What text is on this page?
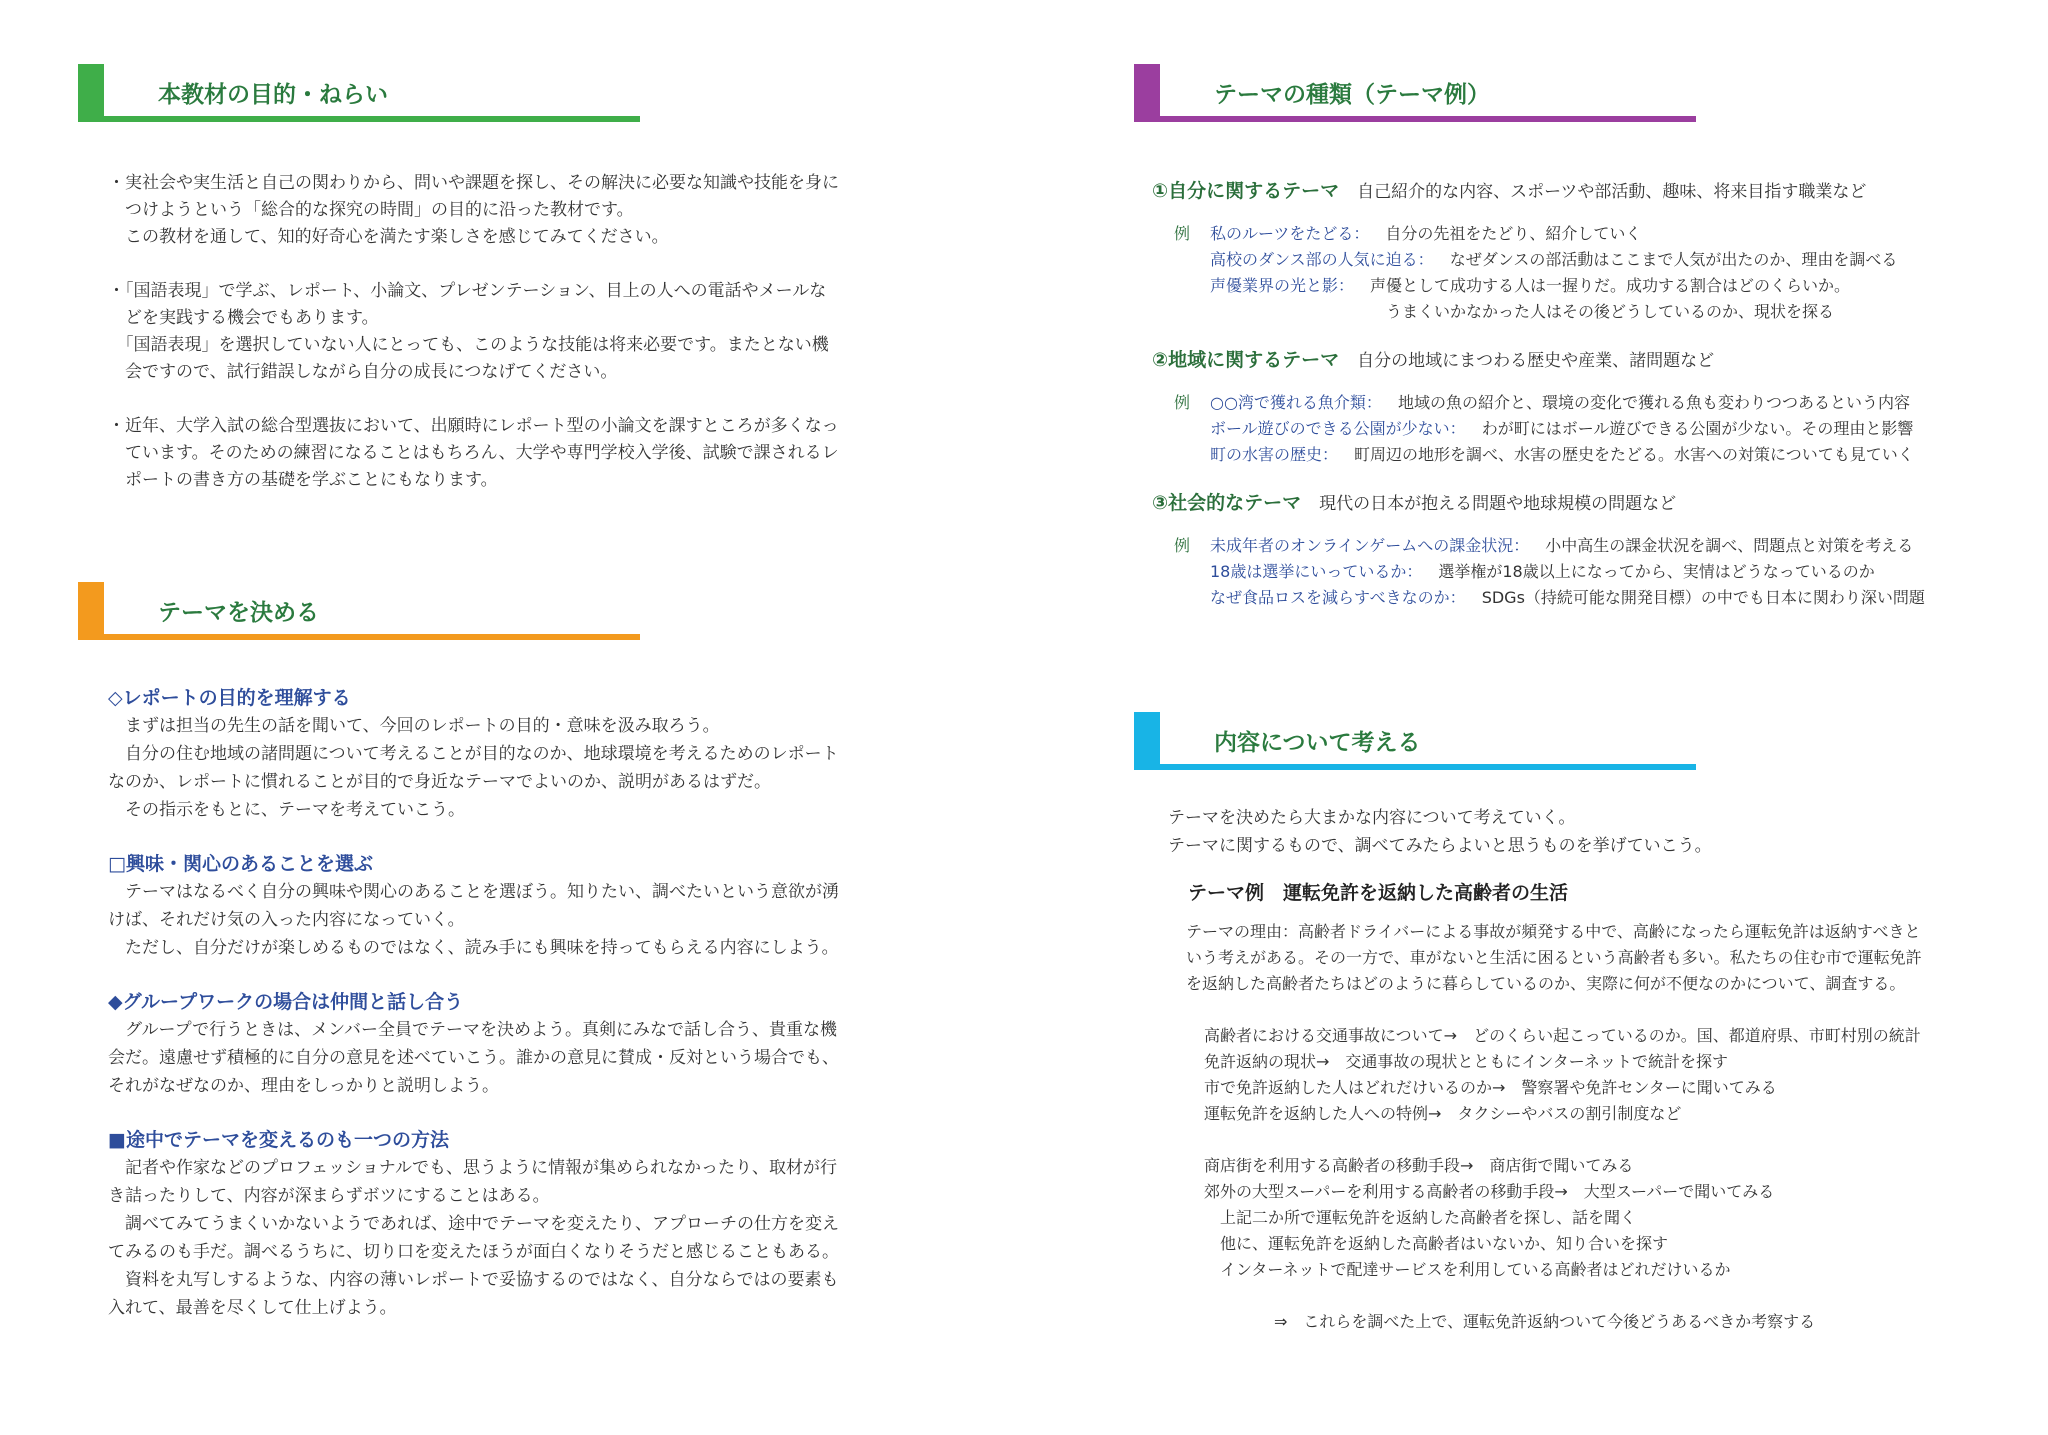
本教材の目的・ねらい
・実社会や実生活と自己の関わりから、問いや課題を探し、その解決に必要な知識や技能を身に
　つけようという「総合的な探究の時間」の目的に沿った教材です。
　この教材を通して、知的好奇心を満たす楽しさを感じてみてください。
・「国語表現」で学ぶ、レポート、小論文、プレゼンテーション、目上の人への電話やメールな
　どを実践する機会でもあります。
　「国語表現」を選択していない人にとっても、このような技能は将来必要です。またとない機
　会ですので、試行錯誤しながら自分の成長につなげてください。
・近年、大学入試の総合型選抜において、出願時にレポート型の小論文を課すところが多くなっ
　ています。そのための練習になることはもちろん、大学や専門学校入学後、試験で課されるレ
　ポートの書き方の基礎を学ぶことにもなります。
テーマを決める
◇レポートの目的を理解する
　まずは担当の先生の話を聞いて、今回のレポートの目的・意味を汲み取ろう。
　自分の住む地域の諸問題について考えることが目的なのか、地球環境を考えるためのレポート
なのか、レポートに慣れることが目的で身近なテーマでよいのか、説明があるはずだ。
　その指示をもとに、テーマを考えていこう。
□興味・関心のあることを選ぶ
　テーマはなるべく自分の興味や関心のあることを選ぼう。知りたい、調べたいという意欲が湧
けば、それだけ気の入った内容になっていく。
　ただし、自分だけが楽しめるものではなく、読み手にも興味を持ってもらえる内容にしよう。
◆グループワークの場合は仲間と話し合う
　グループで行うときは、メンバー全員でテーマを決めよう。真剣にみなで話し合う、貴重な機
会だ。遠慮せず積極的に自分の意見を述べていこう。誰かの意見に賛成・反対という場合でも、
それがなぜなのか、理由をしっかりと説明しよう。
■途中でテーマを変えるのも一つの方法
　記者や作家などのプロフェッショナルでも、思うように情報が集められなかったり、取材が行
き詰ったりして、内容が深まらずボツにすることはある。
　調べてみてうまくいかないようであれば、途中でテーマを変えたり、アプローチの仕方を変え
てみるのも手だ。調べるうちに、切り口を変えたほうが面白くなりそうだと感じることもある。
　資料を丸写しするような、内容の薄いレポートで妥協するのではなく、自分ならではの要素も
入れて、最善を尽くして仕上げよう。
テーマの種類（テーマ例）
①自分に関するテーマ 自己紹介的な内容、スポーツや部活動、趣味、将来目指す職業など
例 私のルーツをたどる： 自分の先祖をたどり、紹介していく
高校のダンス部の人気に迫る： なぜダンスの部活動はここまで人気が出たのか、理由を調べる
声優業界の光と影： 声優として成功する人は一握りだ。成功する割合はどのくらいか。
うまくいかなかった人はその後どうしているのか、現状を探る
②地域に関するテーマ 自分の地域にまつわる歴史や産業、諸問題など
例 ○○湾で獲れる魚介類： 地域の魚の紹介と、環境の変化で獲れる魚も変わりつつあるという内容
ボール遊びのできる公園が少ない： わが町にはボール遊びできる公園が少ない。その理由と影響
町の水害の歴史： 町周辺の地形を調べ、水害の歴史をたどる。水害への対策についても見ていく
③社会的なテーマ 現代の日本が抱える問題や地球規模の問題など
例 未成年者のオンラインゲームへの課金状況： 小中高生の課金状況を調べ、問題点と対策を考える
18歳は選挙にいっているか： 選挙権が18歳以上になってから、実情はどうなっているのか
なぜ食品ロスを減らすべきなのか： SDGs（持続可能な開発目標）の中でも日本に関わり深い問題
内容について考える
テーマを決めたら大まかな内容について考えていく。
テーマに関するもので、調べてみたらよいと思うものを挙げていこう。
テーマ例　運転免許を返納した高齢者の生活
テーマの理由：高齢者ドライバーによる事故が頻発する中で、高齢になったら運転免許は返納すべきと
いう考えがある。その一方で、車がないと生活に困るという高齢者も多い。私たちの住む市で運転免許
を返納した高齢者たちはどのように暮らしているのか、実際に何が不便なのかについて、調査する。
高齢者における交通事故について→　どのくらい起こっているのか。国、都道府県、市町村別の統計
免許返納の現状→　交通事故の現状とともにインターネットで統計を探す
市で免許返納した人はどれだけいるのか→　警察署や免許センターに聞いてみる
運転免許を返納した人への特例→　タクシーやバスの割引制度など
商店街を利用する高齢者の移動手段→　商店街で聞いてみる
郊外の大型スーパーを利用する高齢者の移動手段→　大型スーパーで聞いてみる
　上記二か所で運転免許を返納した高齢者を探し、話を聞く
　他に、運転免許を返納した高齢者はいないか、知り合いを探す
　インターネットで配達サービスを利用している高齢者はどれだけいるか
⇒　これらを調べた上で、運転免許返納ついて今後どうあるべきか考察する
